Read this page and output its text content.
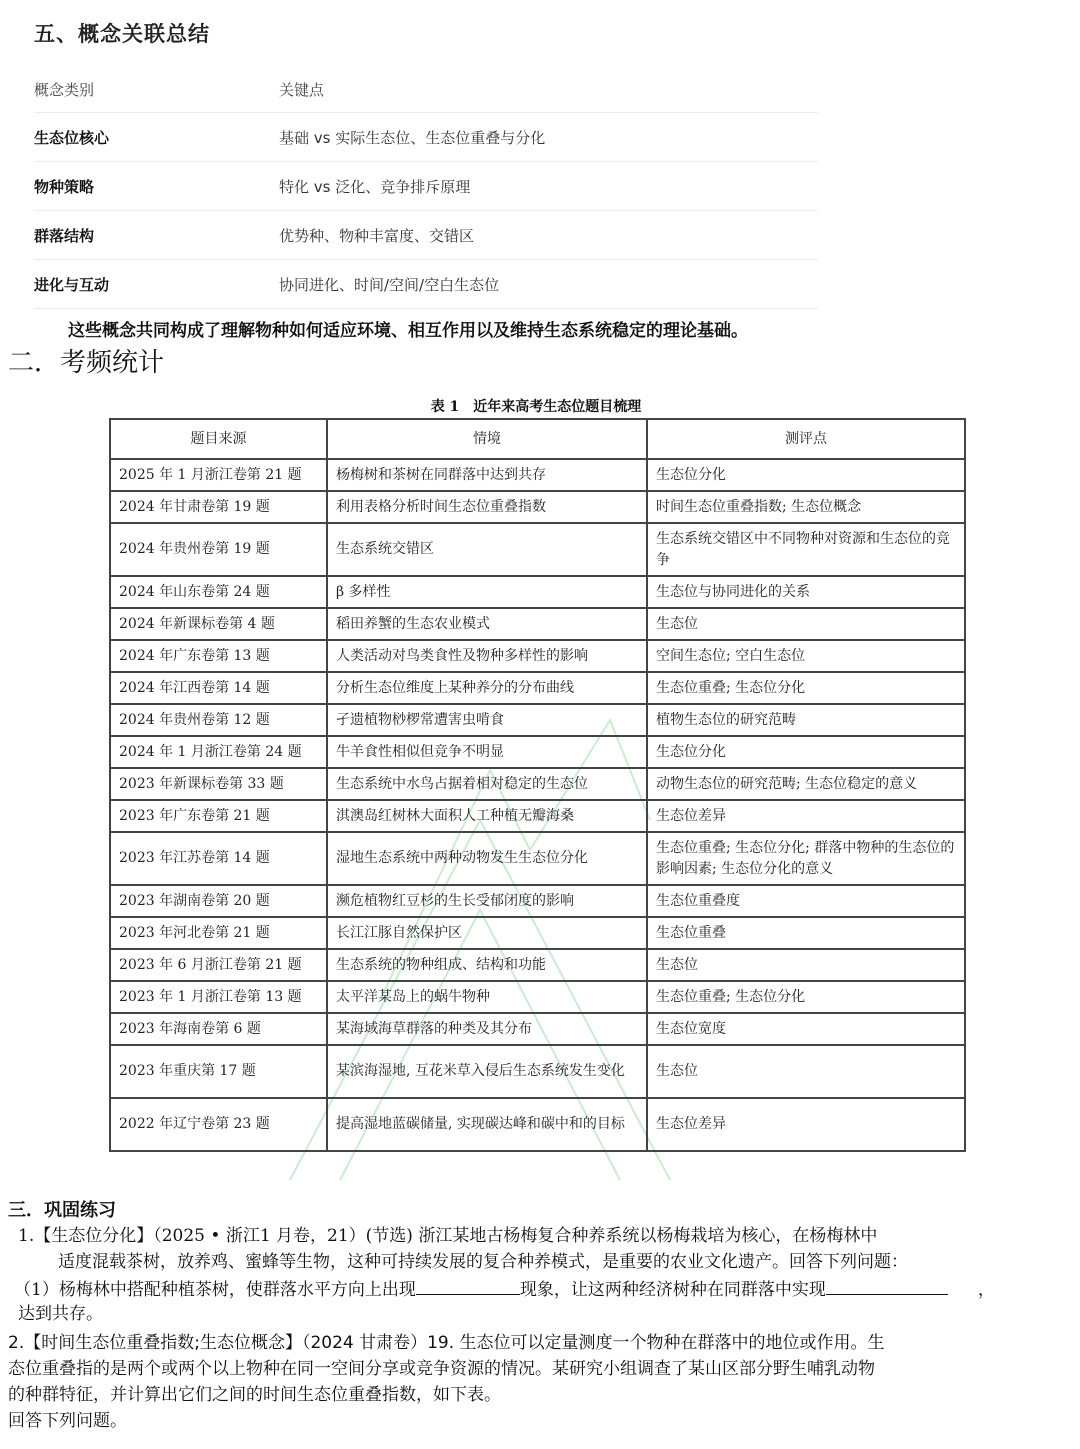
五、概念关联总结
概念类别	关键点
生态位核心	基础 vs 实际生态位、生态位重叠与分化
物种策略	特化 vs 泛化、竞争排斥原理
群落结构	优势种、物种丰富度、交错区
进化与互动	协同进化、时间/空间/空白生态位
这些概念共同构成了理解物种如何适应环境、相互作用以及维持生态系统稳定的理论基础。
二．考频统计
表 1　近年来高考生态位题目梳理
题目来源	情境	测评点
2025 年 1 月浙江卷第 21 题	杨梅树和茶树在同群落中达到共存	生态位分化
2024 年甘肃卷第 19 题	利用表格分析时间生态位重叠指数	时间生态位重叠指数; 生态位概念
2024 年贵州卷第 19 题	生态系统交错区	生态系统交错区中不同物种对资源和生态位的竞争
2024 年山东卷第 24 题	β 多样性	生态位与协同进化的关系
2024 年新课标卷第 4 题	稻田养蟹的生态农业模式	生态位
2024 年广东卷第 13 题	人类活动对鸟类食性及物种多样性的影响	空间生态位; 空白生态位
2024 年江西卷第 14 题	分析生态位维度上某种养分的分布曲线	生态位重叠; 生态位分化
2024 年贵州卷第 12 题	孑遗植物桫椤常遭害虫啃食	植物生态位的研究范畴
2024 年 1 月浙江卷第 24 题	牛羊食性相似但竞争不明显	生态位分化
2023 年新课标卷第 33 题	生态系统中水鸟占据着相对稳定的生态位	动物生态位的研究范畴; 生态位稳定的意义
2023 年广东卷第 21 题	淇澳岛红树林大面积人工种植无瓣海桑	生态位差异
2023 年江苏卷第 14 题	湿地生态系统中两种动物发生生态位分化	生态位重叠; 生态位分化; 群落中物种的生态位的影响因素; 生态位分化的意义
2023 年湖南卷第 20 题	濒危植物红豆杉的生长受郁闭度的影响	生态位重叠度
2023 年河北卷第 21 题	长江江豚自然保护区	生态位重叠
2023 年 6 月浙江卷第 21 题	生态系统的物种组成、结构和功能	生态位
2023 年 1 月浙江卷第 13 题	太平洋某岛上的蜗牛物种	生态位重叠; 生态位分化
2023 年海南卷第 6 题	某海域海草群落的种类及其分布	生态位宽度
2023 年重庆第 17 题	某滨海湿地, 互花米草入侵后生态系统发生变化	生态位
2022 年辽宁卷第 23 题	提高湿地蓝碳储量, 实现碳达峰和碳中和的目标	生态位差异
三．巩固练习
1.【生态位分化】（2025 • 浙江1 月卷，21）(节选) 浙江某地古杨梅复合种养系统以杨梅栽培为核心，在杨梅林中
适度混载茶树，放养鸡、蜜蜂等生物，这种可持续发展的复合种养模式，是重要的农业文化遗产。回答下列问题：
（1）杨梅林中搭配种植茶树，使群落水平方向上出现	现象，让这两种经济树种在同群落中实现	，
达到共存。
2.【时间生态位重叠指数;生态位概念】（2024 甘肃卷）19. 生态位可以定量测度一个物种在群落中的地位或作用。生
态位重叠指的是两个或两个以上物种在同一空间分享或竞争资源的情况。某研究小组调查了某山区部分野生哺乳动物
的种群特征，并计算出它们之间的时间生态位重叠指数，如下表。
回答下列问题。
